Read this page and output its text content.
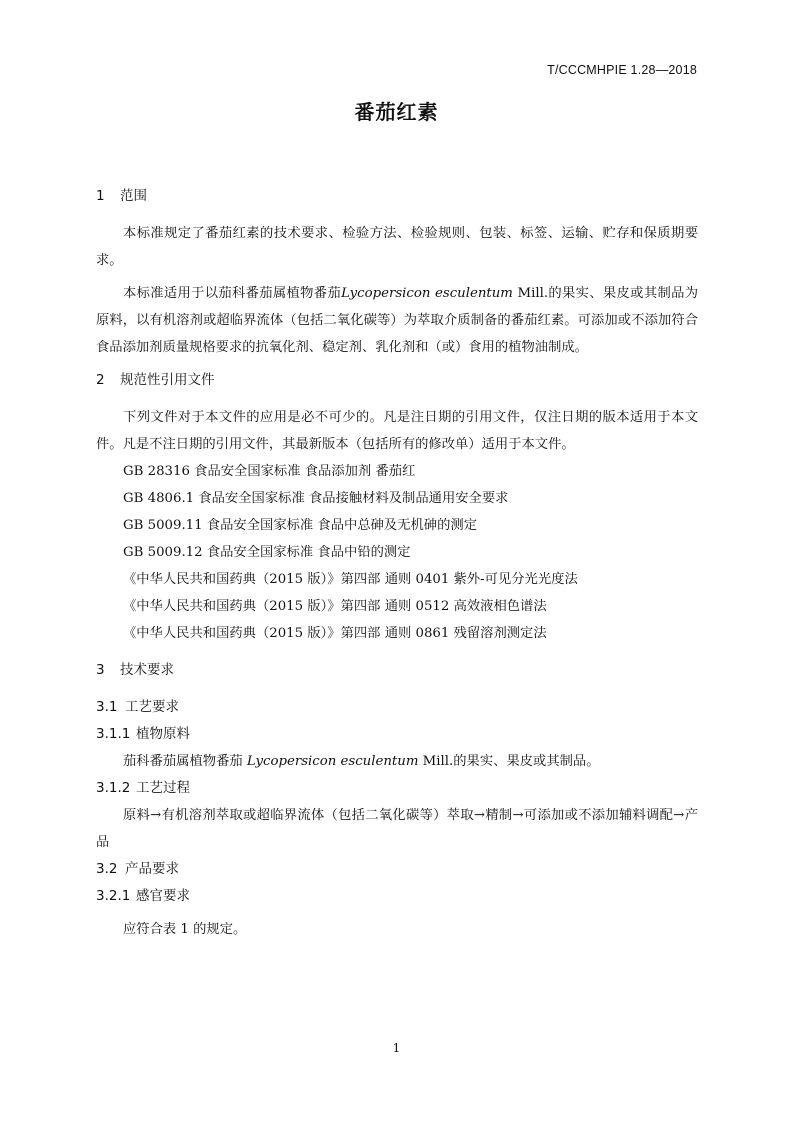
T/CCCMHPIE 1.28—2018
番茄红素
1 范围

本标准规定了番茄红素的技术要求、检验方法、检验规则、包装、标签、运输、贮存和保质期要求。

本标准适用于以茄科番茄属植物番茄Lycopersicon esculentum Mill.的果实、果皮或其制品为原料，以有机溶剂或超临界流体（包括二氧化碳等）为萃取介质制备的番茄红素。可添加或不添加符合食品添加剂质量规格要求的抗氧化剂、稳定剂、乳化剂和（或）食用的植物油制成。

2 规范性引用文件

下列文件对于本文件的应用是必不可少的。凡是注日期的引用文件，仅注日期的版本适用于本文件。凡是不注日期的引用文件，其最新版本（包括所有的修改单）适用于本文件。

GB 28316 食品安全国家标准 食品添加剂 番茄红
GB 4806.1 食品安全国家标准 食品接触材料及制品通用安全要求
GB 5009.11 食品安全国家标准 食品中总砷及无机砷的测定
GB 5009.12 食品安全国家标准 食品中铅的测定
《中华人民共和国药典（2015 版）》第四部 通则 0401 紫外-可见分光光度法
《中华人民共和国药典（2015 版）》第四部 通则 0512 高效液相色谱法
《中华人民共和国药典（2015 版）》第四部 通则 0861 残留溶剂测定法
3 技术要求
3.1 工艺要求
3.1.1 植物原料

茄科番茄属植物番茄 Lycopersicon esculentum Mill.的果实、果皮或其制品。

3.1.2 工艺过程

原料→有机溶剂萃取或超临界流体（包括二氧化碳等）萃取→精制→可添加或不添加辅料调配→产品

3.2 产品要求
3.2.1 感官要求

应符合表 1 的规定。

1
